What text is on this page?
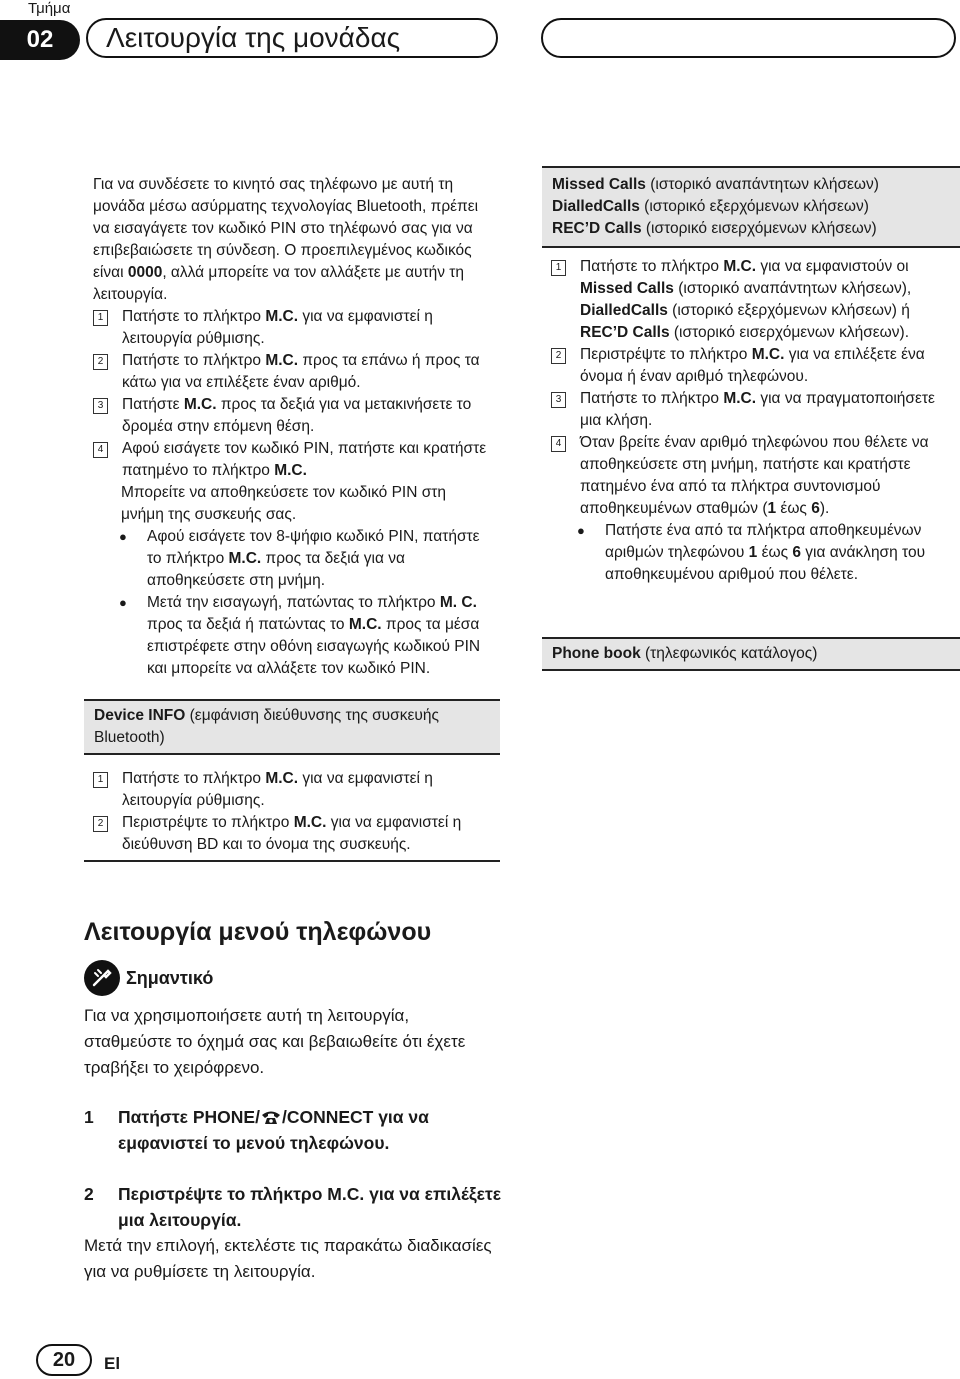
Τμήμα
02	Λειτουργία της μονάδας

Για να συνδέσετε το κινητό σας τηλέφωνο με αυτή τη μονάδα μέσω ασύρματης τεχνολογίας Bluetooth, πρέπει να εισαγάγετε τον κωδικό PIN στο τηλέφωνό σας για να επιβεβαιώσετε τη σύνδεση. Ο προεπιλεγμένος κωδικός είναι 0000, αλλά μπορείτε να τον αλλάξετε με αυτήν τη λειτουργία.

1	Πατήστε το πλήκτρο M.C. για να εμφανιστεί η λειτουργία ρύθμισης.
2	Πατήστε το πλήκτρο M.C. προς τα επάνω ή προς τα κάτω για να επιλέξετε έναν αριθμό.
3	Πατήστε M.C. προς τα δεξιά για να μετακινήσετε το δρομέα στην επόμενη θέση.
4	Αφού εισάγετε τον κωδικό PIN, πατήστε και κρατήστε πατημένο το πλήκτρο M.C.

Μπορείτε να αποθηκεύσετε τον κωδικό PIN στη μνήμη της συσκευής σας.

●	Αφού εισάγετε τον 8-ψήφιο κωδικό PIN, πατήστε το πλήκτρο M.C. προς τα δεξιά για να αποθηκεύσετε στη μνήμη.
●	Μετά την εισαγωγή, πατώντας το πλήκτρο M. C. προς τα δεξιά ή πατώντας το M.C. προς τα μέσα επιστρέφετε στην οθόνη εισαγωγής κωδικού PIN και μπορείτε να αλλάξετε τον κωδικό PIN.
Device INFO (εμφάνιση διεύθυνσης της συσκευής Bluetooth)
1	Πατήστε το πλήκτρο M.C. για να εμφανιστεί η λειτουργία ρύθμισης.
2	Περιστρέψτε το πλήκτρο M.C. για να εμφανιστεί η διεύθυνση BD και το όνομα της συσκευής.
Missed Calls (ιστορικό αναπάντητων κλήσεων)
DialledCalls (ιστορικό εξερχόμενων κλήσεων)
REC’D Calls (ιστορικό εισερχόμενων κλήσεων)
1	Πατήστε το πλήκτρο M.C. για να εμφανιστούν οι Missed Calls (ιστορικό αναπάντητων κλήσεων), DialledCalls (ιστορικό εξερχόμενων κλήσεων) ή REC’D Calls (ιστορικό εισερχόμενων κλήσεων).
2	Περιστρέψτε το πλήκτρο M.C. για να επιλέξετε ένα όνομα ή έναν αριθμό τηλεφώνου.
3	Πατήστε το πλήκτρο M.C. για να πραγματοποιήσετε μια κλήση.
4	Όταν βρείτε έναν αριθμό τηλεφώνου που θέλετε να αποθηκεύσετε στη μνήμη, πατήστε και κρατήστε πατημένο ένα από τα πλήκτρα συντονισμού αποθηκευμένων σταθμών (1 έως 6).
●	Πατήστε ένα από τα πλήκτρα αποθηκευμένων αριθμών τηλεφώνου 1 έως 6 για ανάκληση του αποθηκευμένου αριθμού που θέλετε.
Phone book (τηλεφωνικός κατάλογος)
Λειτουργία μενού τηλεφώνου
Σημαντικό
Για να χρησιμοποιήσετε αυτή τη λειτουργία, σταθμεύστε το όχημά σας και βεβαιωθείτε ότι έχετε τραβήξει το χειρόφρενο.
1	Πατήστε PHONE/ /CONNECT για να εμφανιστεί το μενού τηλεφώνου.
2	Περιστρέψτε το πλήκτρο M.C. για να επιλέξετε μια λειτουργία.
Μετά την επιλογή, εκτελέστε τις παρακάτω διαδικασίες για να ρυθμίσετε τη λειτουργία.
20	El
